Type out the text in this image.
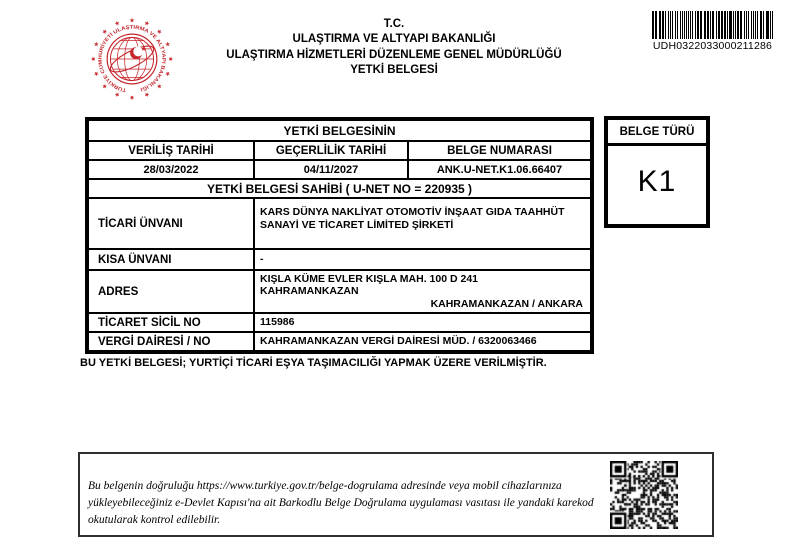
TÜRKİYE CUMHURİYETİ ULAŞTIRMA VE ALTYAPI BAKANLIĞI
T.C.
ULAŞTIRMA VE ALTYAPI BAKANLIĞI
ULAŞTIRMA HİZMETLERİ DÜZENLEME GENEL MÜDÜRLÜĞÜ
YETKİ BELGESİ
UDH0322033000211286
YETKİ BELGESİNİN		
VERİLİŞ TARİHİ	GEÇERLİLİK TARİHİ	BELGE NUMARASI
28/03/2022	04/11/2027	ANK.U-NET.K1.06.66407
YETKİ BELGESİ SAHİBİ ( U-NET NO = 220935 )		
TİCARİ ÜNVANI	KARS DÜNYA NAKLİYAT OTOMOTİV İNŞAAT GIDA TAAHHÜT SANAYİ VE TİCARET LİMİTED ŞİRKETİ	
KISA ÜNVANI	-	
ADRES	KIŞLA KÜME EVLER KIŞLA MAH. 100 D 241
KAHRAMANKAZAN
KAHRAMANKAZAN / ANKARA	

TİCARET SİCİL NO	115986	
VERGİ DAİRESİ / NO	KAHRAMANKAZAN VERGİ DAİRESİ MÜD. / 6320063466	
BELGE TÜRÜ
K1
BU YETKİ BELGESİ; YURTİÇİ TİCARİ EŞYA TAŞIMACILIĞI YAPMAK ÜZERE VERİLMİŞTİR.
Bu belgenin doğruluğu https://www.turkiye.gov.tr/belge-dogrulama adresinde veya mobil cihazlarınıza yükleyebileceğiniz e-Devlet Kapısı'na ait Barkodlu Belge Doğrulama uygulaması vasıtası ile yandaki karekod okutularak kontrol edilebilir.
